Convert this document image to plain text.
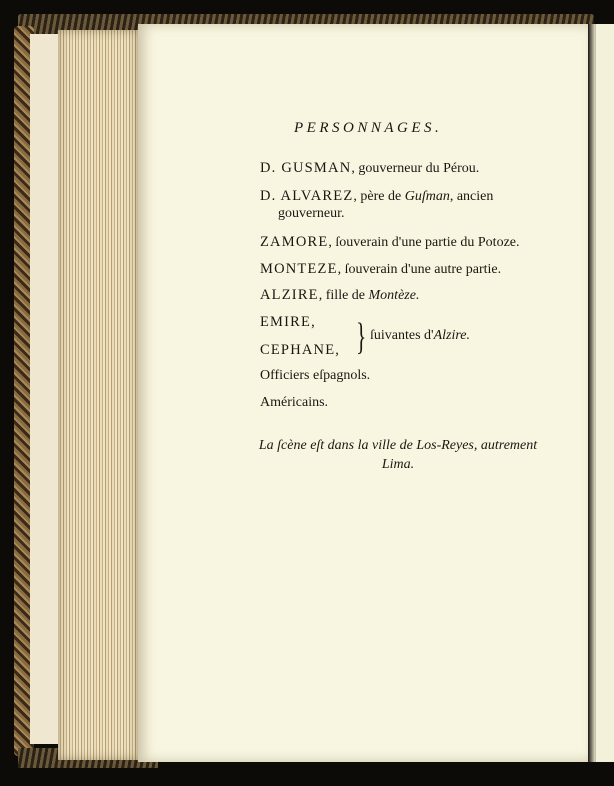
PERSONNAGES.
D. GUSMAN, gouverneur du Pérou.
D. ALVAREZ, père de Guſman, ancien
gouverneur.
ZAMORE, ſouverain d'une partie du Potoze.
MONTEZE, ſouverain d'une autre partie.
ALZIRE, fille de Montèze.
EMIRE,
CEPHANE, } ſuivantes d'Alzire.
Officiers eſpagnols.
Américains.
La ſcène eſt dans la ville de Los-Reyes, autrement
Lima.
